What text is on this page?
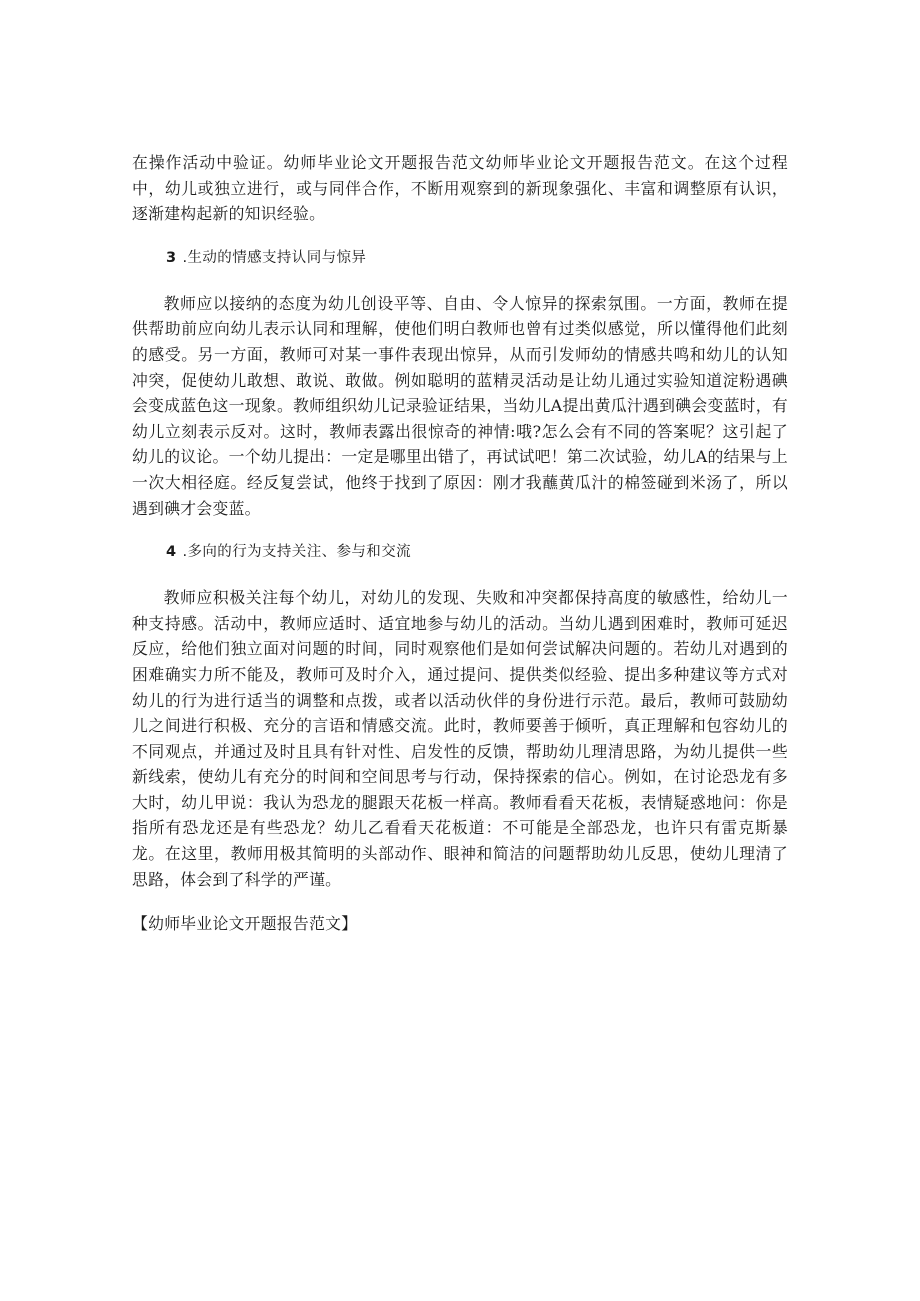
在操作活动中验证。幼师毕业论文开题报告范文幼师毕业论文开题报告范文。在这个过程中，幼儿或独立进行，或与同伴合作，不断用观察到的新现象强化、丰富和调整原有认识，逐渐建构起新的知识经验。

3 .生动的情感支持认同与惊异

教师应以接纳的态度为幼儿创设平等、自由、令人惊异的探索氛围。一方面，教师在提供帮助前应向幼儿表示认同和理解，使他们明白教师也曾有过类似感觉，所以懂得他们此刻的感受。另一方面，教师可对某一事件表现出惊异，从而引发师幼的情感共鸣和幼儿的认知冲突，促使幼儿敢想、敢说、敢做。例如聪明的蓝精灵活动是让幼儿通过实验知道淀粉遇碘会变成蓝色这一现象。教师组织幼儿记录验证结果，当幼儿A提出黄瓜汁遇到碘会变蓝时，有幼儿立刻表示反对。这时，教师表露出很惊奇的神情:哦?怎么会有不同的答案呢？这引起了幼儿的议论。一个幼儿提出：一定是哪里出错了，再试试吧！第二次试验，幼儿A的结果与上一次大相径庭。经反复尝试，他终于找到了原因：刚才我蘸黄瓜汁的棉签碰到米汤了，所以遇到碘才会变蓝。

4 .多向的行为支持关注、参与和交流

教师应积极关注每个幼儿，对幼儿的发现、失败和冲突都保持高度的敏感性，给幼儿一种支持感。活动中，教师应适时、适宜地参与幼儿的活动。当幼儿遇到困难时，教师可延迟反应，给他们独立面对问题的时间，同时观察他们是如何尝试解决问题的。若幼儿对遇到的困难确实力所不能及，教师可及时介入，通过提问、提供类似经验、提出多种建议等方式对幼儿的行为进行适当的调整和点拨，或者以活动伙伴的身份进行示范。最后，教师可鼓励幼儿之间进行积极、充分的言语和情感交流。此时，教师要善于倾听，真正理解和包容幼儿的不同观点，并通过及时且具有针对性、启发性的反馈，帮助幼儿理清思路，为幼儿提供一些新线索，使幼儿有充分的时间和空间思考与行动，保持探索的信心。例如，在讨论恐龙有多大时，幼儿甲说：我认为恐龙的腿跟天花板一样高。教师看看天花板，表情疑惑地问：你是指所有恐龙还是有些恐龙？幼儿乙看看天花板道：不可能是全部恐龙，也许只有雷克斯暴龙。在这里，教师用极其简明的头部动作、眼神和简洁的问题帮助幼儿反思，使幼儿理清了思路，体会到了科学的严谨。

【幼师毕业论文开题报告范文】
